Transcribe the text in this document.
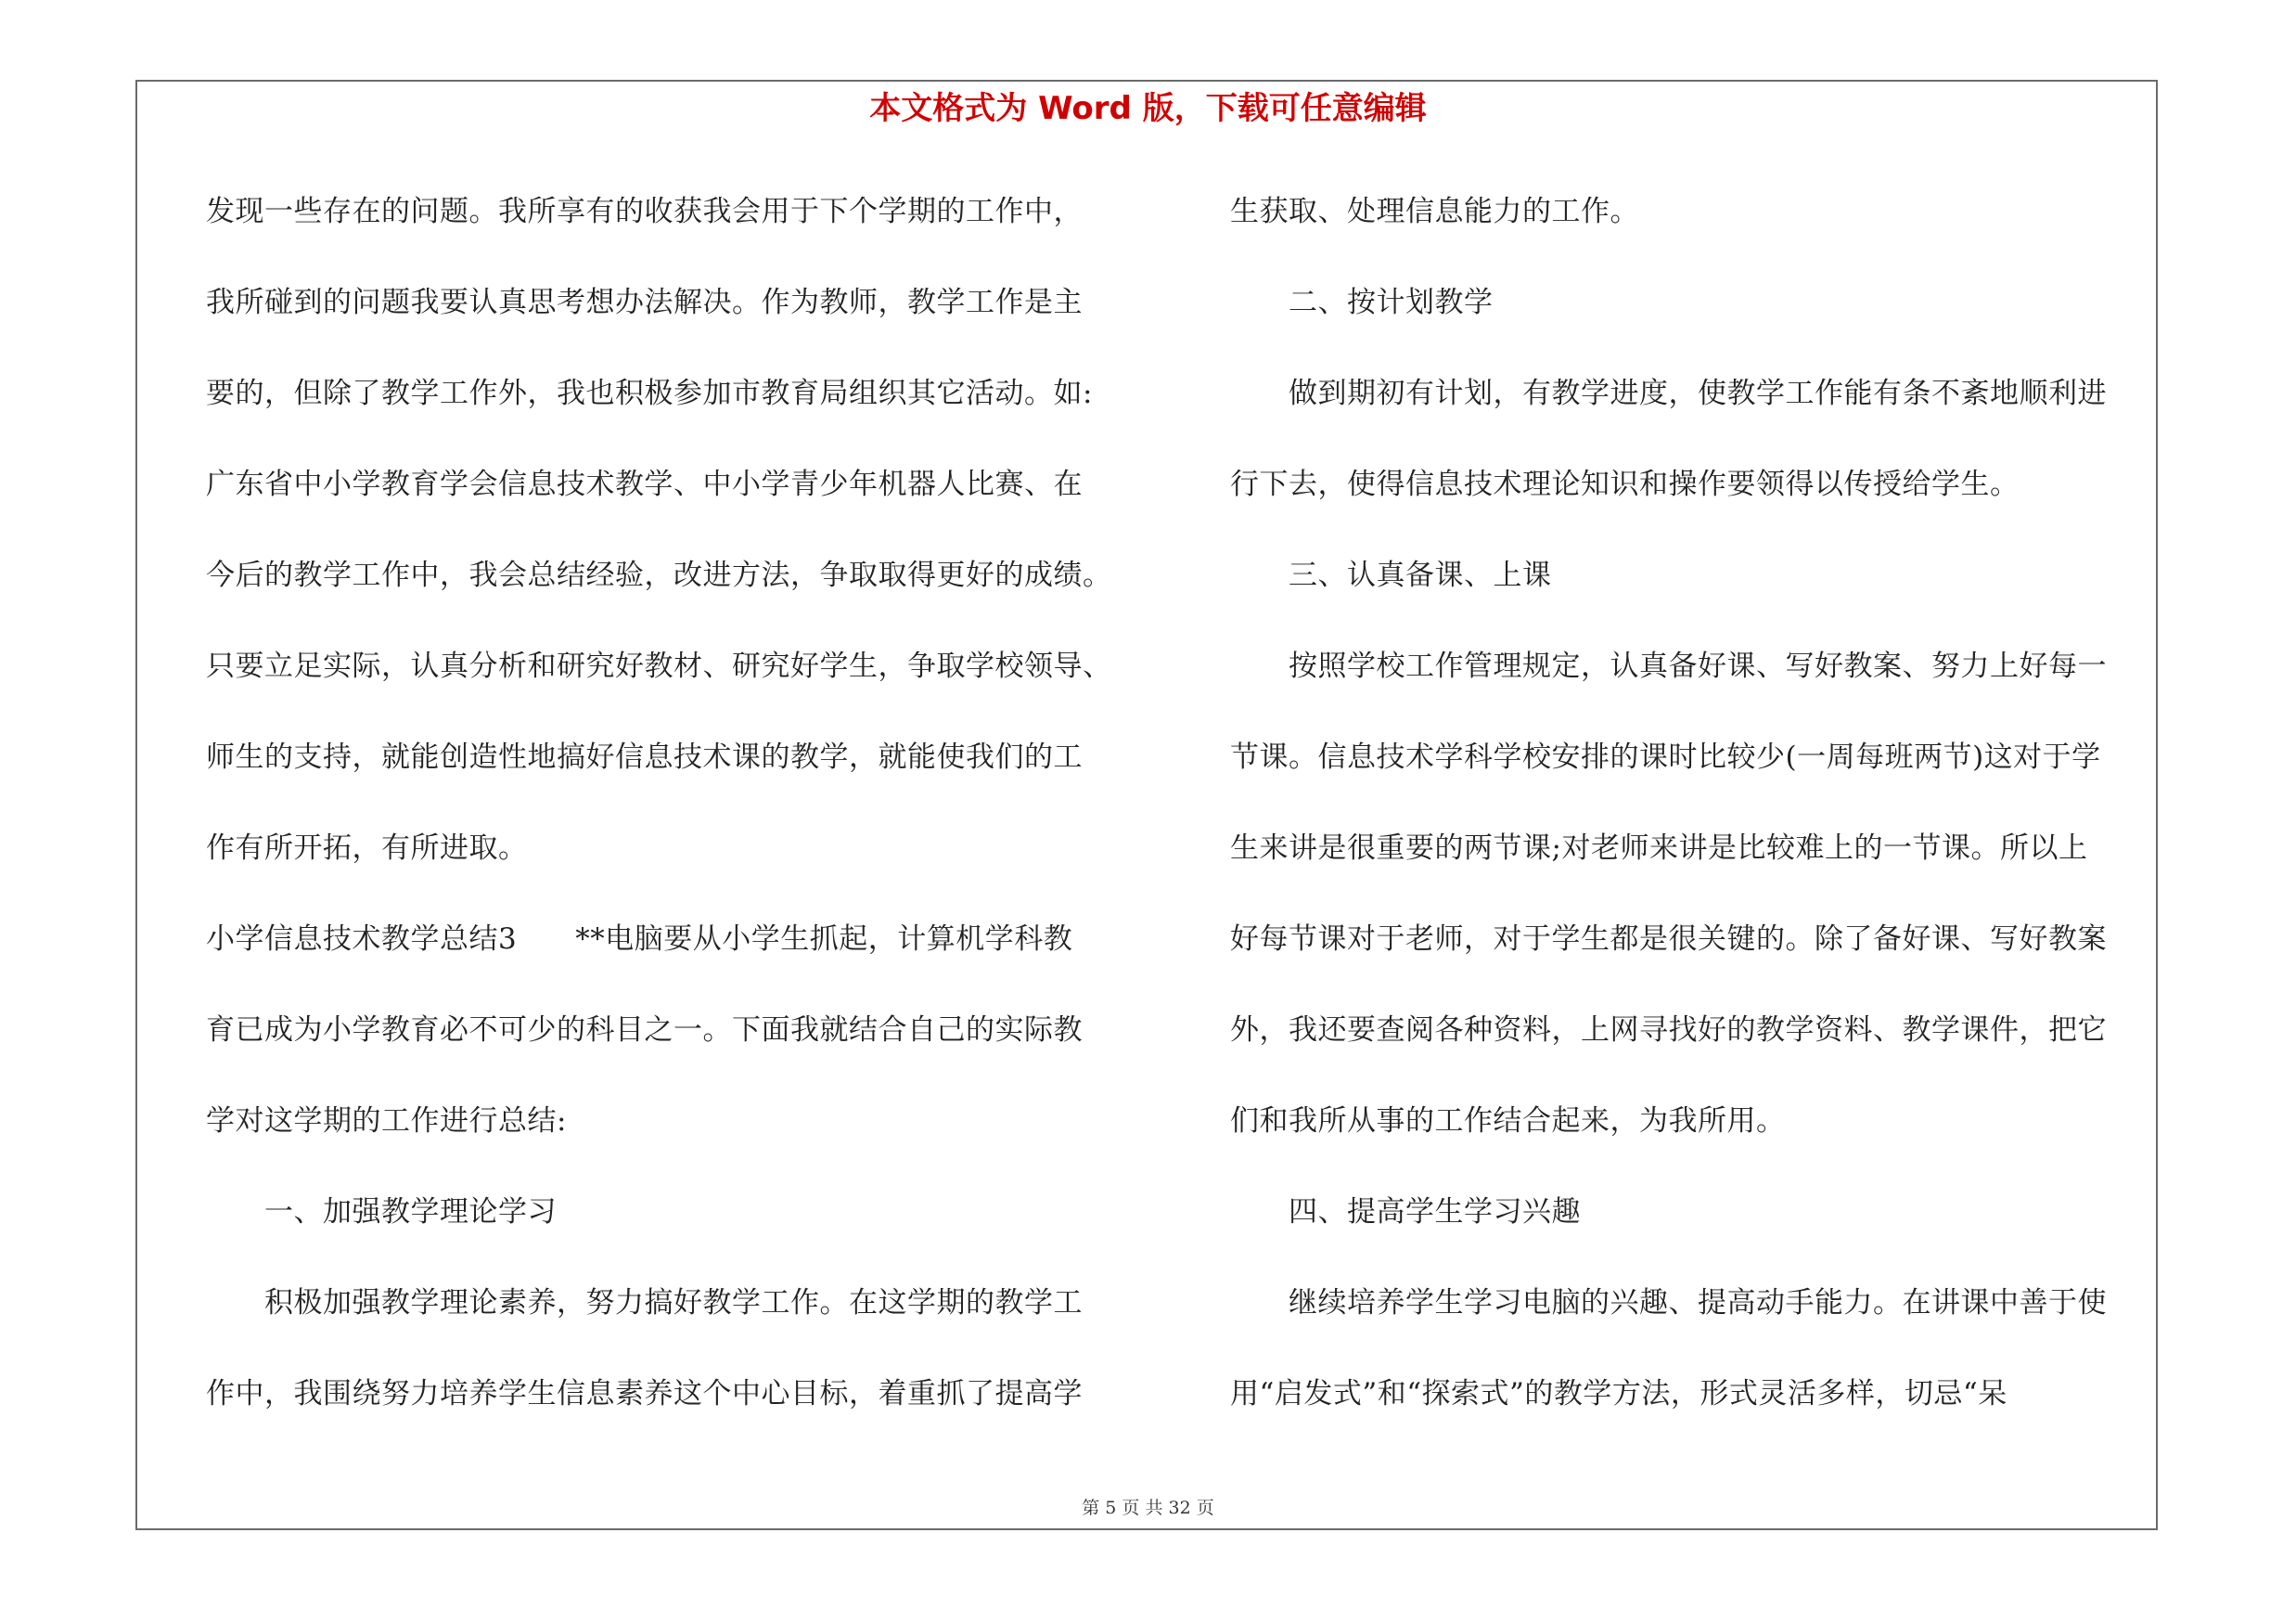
本文格式为 Word 版，下载可任意编辑
发现一些存在的问题。我所享有的收获我会用于下个学期的工作中，
我所碰到的问题我要认真思考想办法解决。作为教师，教学工作是主
要的，但除了教学工作外，我也积极参加市教育局组织其它活动。如:
广东省中小学教育学会信息技术教学、中小学青少年机器人比赛、在
今后的教学工作中，我会总结经验，改进方法，争取取得更好的成绩。
只要立足实际，认真分析和研究好教材、研究好学生，争取学校领导、
师生的支持，就能创造性地搞好信息技术课的教学，就能使我们的工
作有所开拓，有所进取。
小学信息技术教学总结3　　**电脑要从小学生抓起，计算机学科教
育已成为小学教育必不可少的科目之一。下面我就结合自己的实际教
学对这学期的工作进行总结:
　　一、加强教学理论学习
　　积极加强教学理论素养，努力搞好教学工作。在这学期的教学工
作中，我围绕努力培养学生信息素养这个中心目标，着重抓了提高学
生获取、处理信息能力的工作。
　　二、按计划教学
　　做到期初有计划，有教学进度，使教学工作能有条不紊地顺利进
行下去，使得信息技术理论知识和操作要领得以传授给学生。
　　三、认真备课、上课
　　按照学校工作管理规定，认真备好课、写好教案、努力上好每一
节课。信息技术学科学校安排的课时比较少(一周每班两节)这对于学
生来讲是很重要的两节课;对老师来讲是比较难上的一节课。所以上
好每节课对于老师，对于学生都是很关键的。除了备好课、写好教案
外，我还要查阅各种资料，上网寻找好的教学资料、教学课件，把它
们和我所从事的工作结合起来，为我所用。
　　四、提高学生学习兴趣
　　继续培养学生学习电脑的兴趣、提高动手能力。在讲课中善于使
用“启发式”和“探索式”的教学方法，形式灵活多样，切忌“呆
第 5 页 共 32 页
